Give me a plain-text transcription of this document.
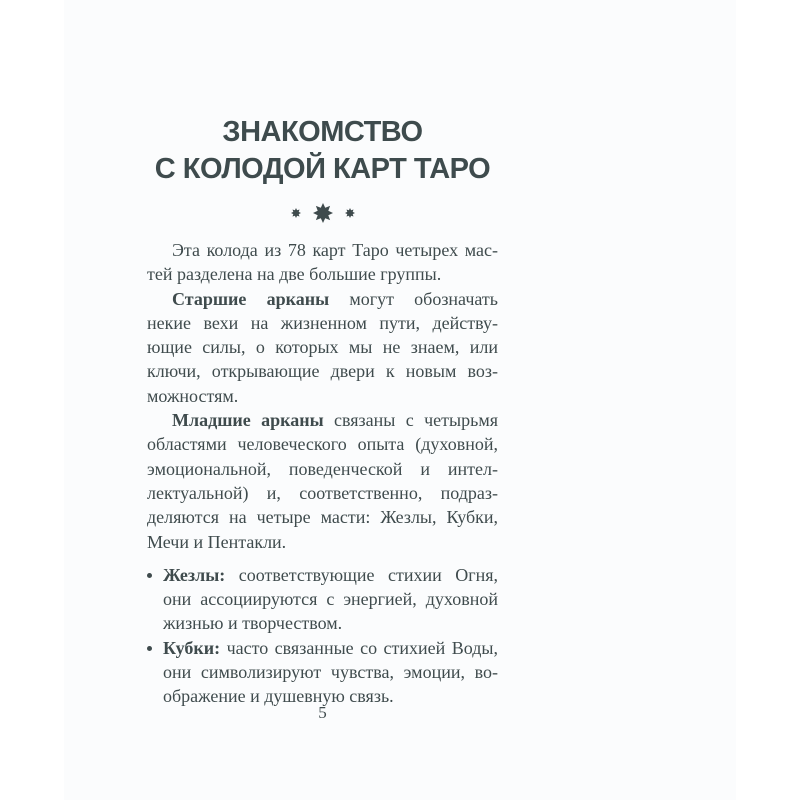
ЗНАКОМСТВО
С КОЛОДОЙ КАРТ ТАРО
Эта колода из 78 карт Таро четырех мас-
тей разделена на две большие группы.
Старшие арканы могут обозначать
некие вехи на жизненном пути, действу-
ющие силы, о которых мы не знаем, или
ключи, открывающие двери к новым воз-
можностям.
Младшие арканы связаны с четырьмя
областями человеческого опыта (духовной,
эмоциональной, поведенческой и интел-
лектуальной) и, соответственно, подраз-
деляются на четыре масти: Жезлы, Кубки,
Мечи и Пентакли.
Жезлы: соответствующие стихии Огня,
они ассоциируются с энергией, духовной
жизнью и творчеством.
Кубки: часто связанные со стихией Воды,
они символизируют чувства, эмоции, во-
ображение и душевную связь.
5
